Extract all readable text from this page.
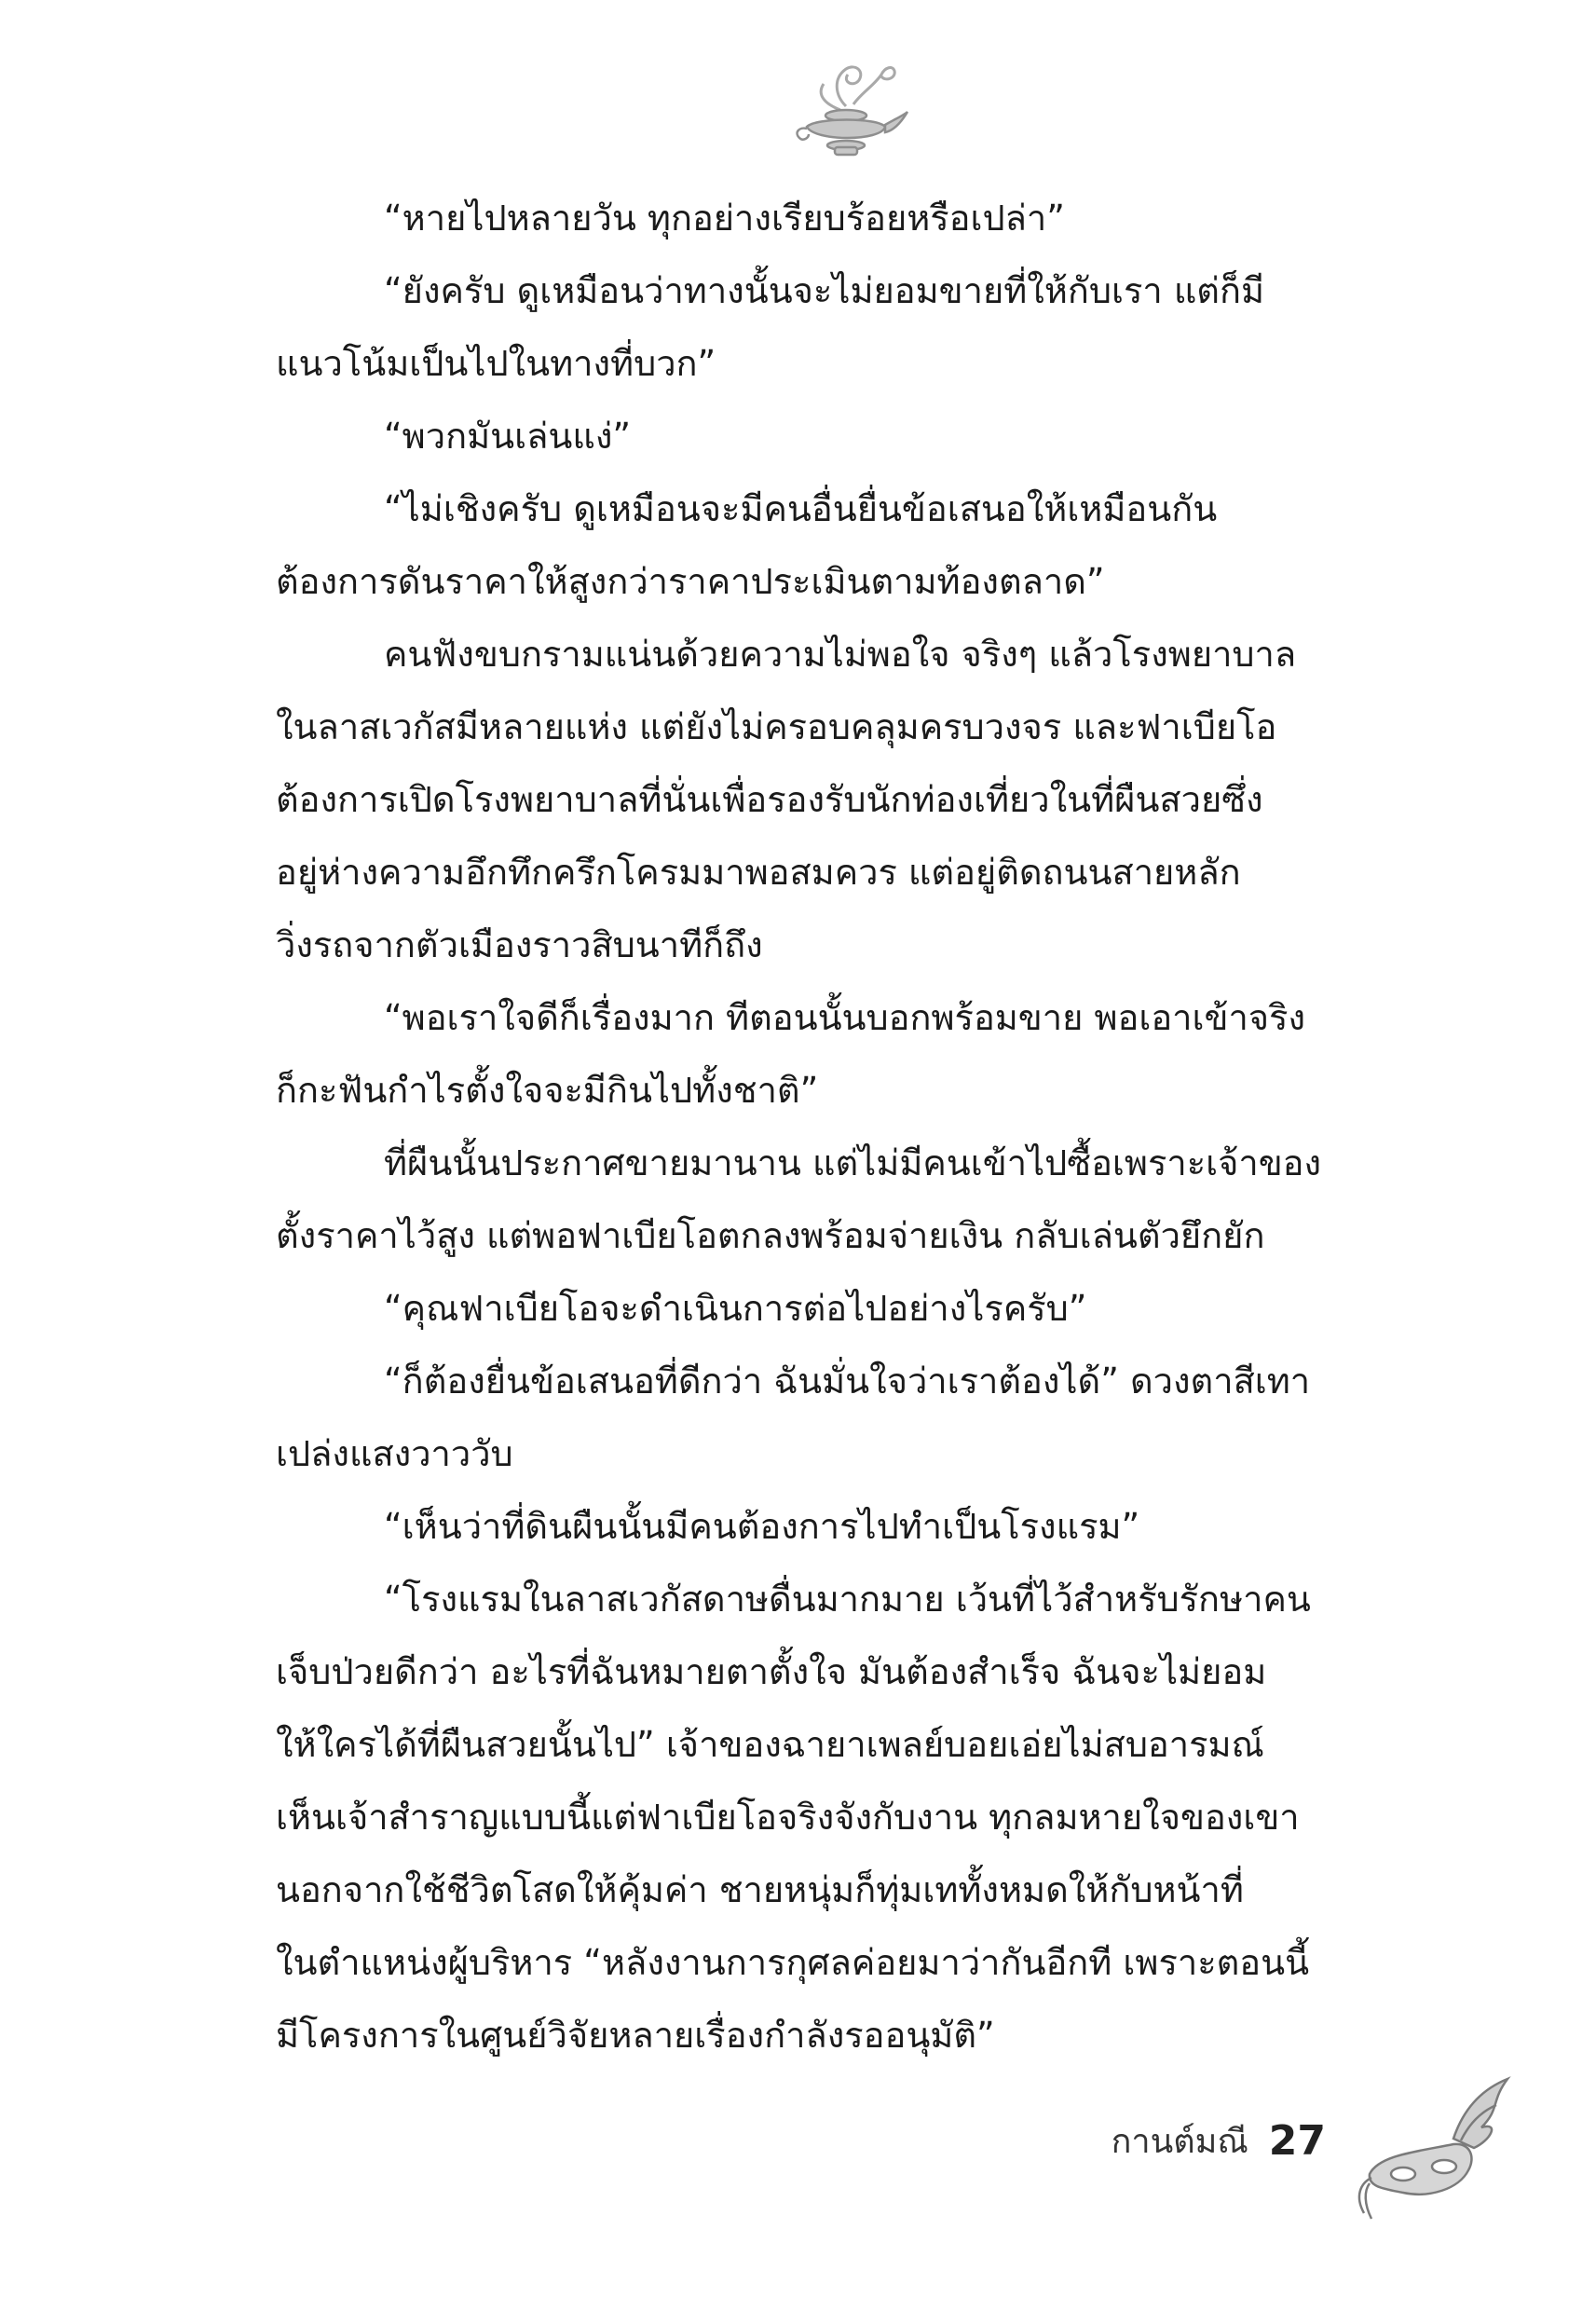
“หายไปหลายวัน ทุกอย่างเรียบร้อยหรือเปล่า”
“ยังครับ ดูเหมือนว่าทางนั้นจะไม่ยอมขายที่ให้กับเรา แต่ก็มี
แนวโน้มเป็นไปในทางที่บวก”
“พวกมันเล่นแง่”
“ไม่เชิงครับ ดูเหมือนจะมีคนอื่นยื่นข้อเสนอให้เหมือนกัน
ต้องการดันราคาให้สูงกว่าราคาประเมินตามท้องตลาด”
คนฟังขบกรามแน่นด้วยความไม่พอใจ จริงๆ แล้วโรงพยาบาล
ในลาสเวกัสมีหลายแห่ง แต่ยังไม่ครอบคลุมครบวงจร และฟาเบียโอ
ต้องการเปิดโรงพยาบาลที่นั่นเพื่อรองรับนักท่องเที่ยวในที่ผืนสวยซึ่ง
อยู่ห่างความอึกทึกครึกโครมมาพอสมควร แต่อยู่ติดถนนสายหลัก
วิ่งรถจากตัวเมืองราวสิบนาทีก็ถึง
“พอเราใจดีก็เรื่องมาก ทีตอนนั้นบอกพร้อมขาย พอเอาเข้าจริง
ก็กะฟันกำไรตั้งใจจะมีกินไปทั้งชาติ”
ที่ผืนนั้นประกาศขายมานาน แต่ไม่มีคนเข้าไปซื้อเพราะเจ้าของ
ตั้งราคาไว้สูง แต่พอฟาเบียโอตกลงพร้อมจ่ายเงิน กลับเล่นตัวยึกยัก
“คุณฟาเบียโอจะดำเนินการต่อไปอย่างไรครับ”
“ก็ต้องยื่นข้อเสนอที่ดีกว่า ฉันมั่นใจว่าเราต้องได้” ดวงตาสีเทา
เปล่งแสงวาววับ
“เห็นว่าที่ดินผืนนั้นมีคนต้องการไปทำเป็นโรงแรม”
“โรงแรมในลาสเวกัสดาษดื่นมากมาย เว้นที่ไว้สำหรับรักษาคน
เจ็บป่วยดีกว่า อะไรที่ฉันหมายตาตั้งใจ มันต้องสำเร็จ ฉันจะไม่ยอม
ให้ใครได้ที่ผืนสวยนั้นไป” เจ้าของฉายาเพลย์บอยเอ่ยไม่สบอารมณ์
เห็นเจ้าสำราญแบบนี้แต่ฟาเบียโอจริงจังกับงาน ทุกลมหายใจของเขา
นอกจากใช้ชีวิตโสดให้คุ้มค่า ชายหนุ่มก็ทุ่มเททั้งหมดให้กับหน้าที่
ในตำแหน่งผู้บริหาร “หลังงานการกุศลค่อยมาว่ากันอีกที เพราะตอนนี้
มีโครงการในศูนย์วิจัยหลายเรื่องกำลังรออนุมัติ”
กานต์มณี 27
